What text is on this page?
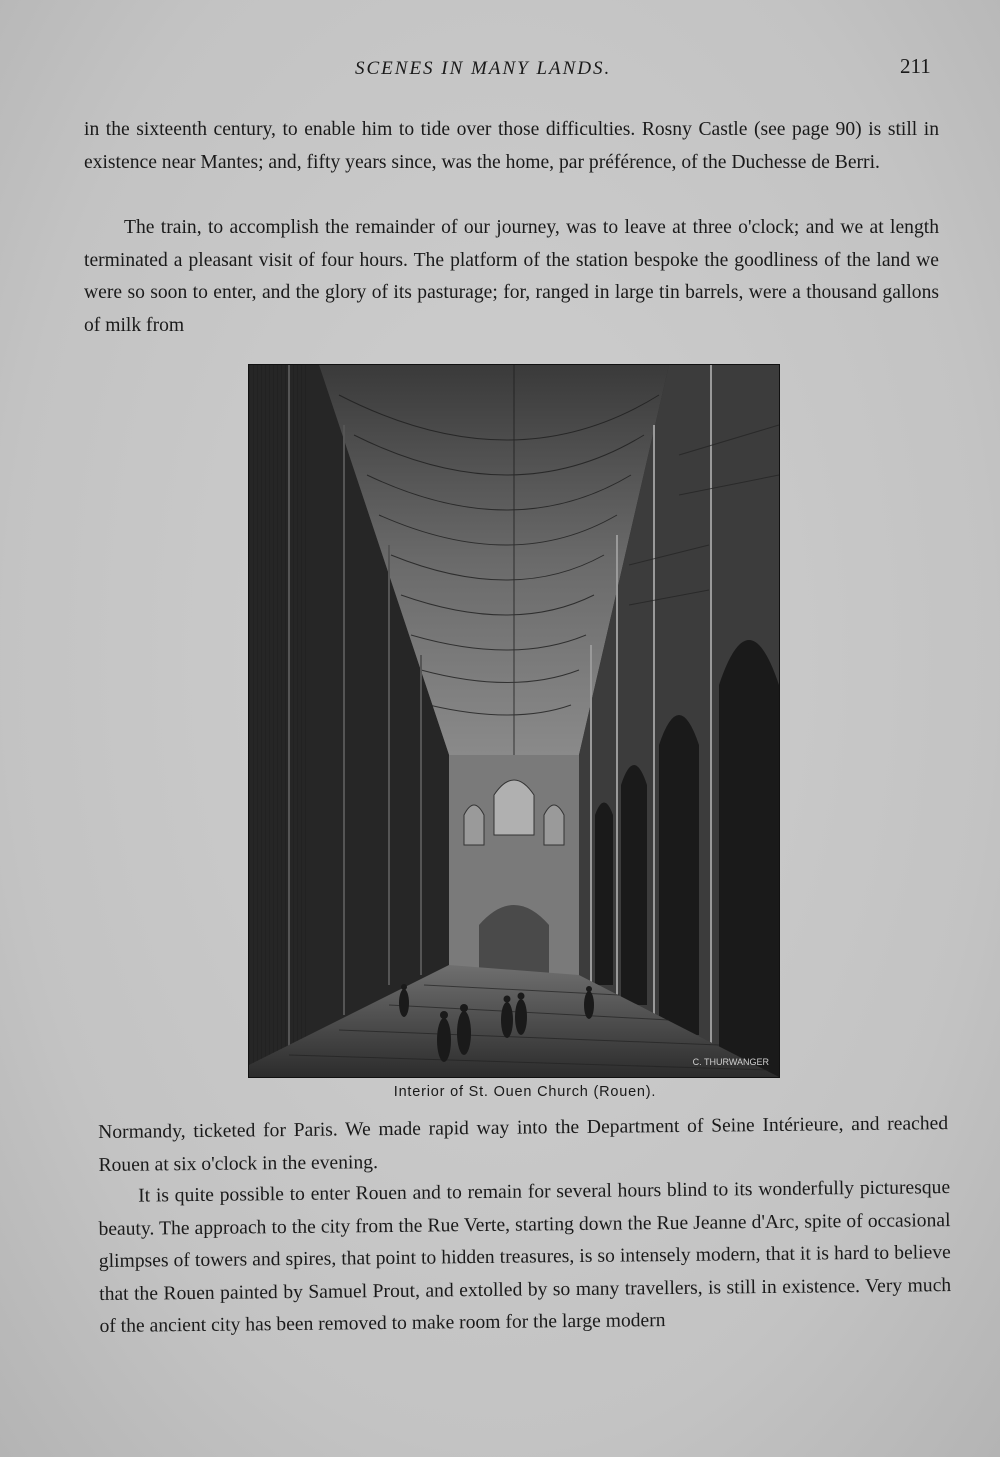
SCENES IN MANY LANDS.	211

in the sixteenth century, to enable him to tide over those difficulties. Rosny Castle (see page 90) is still in existence near Mantes; and, fifty years since, was the home, par préférence, of the Duchesse de Berri.

The train, to accomplish the remainder of our journey, was to leave at three o'clock; and we at length terminated a pleasant visit of four hours. The platform of the station bespoke the goodliness of the land we were so soon to enter, and the glory of its pasturage; for, ranged in large tin barrels, were a thousand gallons of milk from

C. THURWANGER
Interior of St. Ouen Church (Rouen).

Normandy, ticketed for Paris. We made rapid way into the Department of Seine Intérieure, and reached Rouen at six o'clock in the evening.

It is quite possible to enter Rouen and to remain for several hours blind to its wonderfully picturesque beauty. The approach to the city from the Rue Verte, starting down the Rue Jeanne d'Arc, spite of occasional glimpses of towers and spires, that point to hidden treasures, is so intensely modern, that it is hard to believe that the Rouen painted by Samuel Prout, and extolled by so many travellers, is still in existence. Very much of the ancient city has been removed to make room for the large modern
